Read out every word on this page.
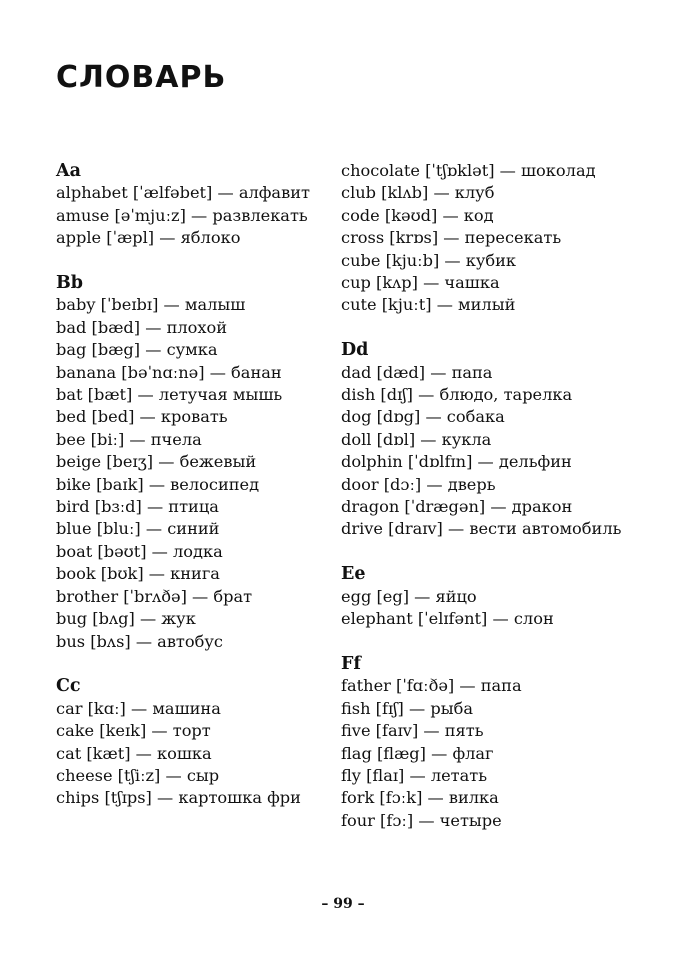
СЛОВАРЬ

Aa

alphabet [ˈælfəbet] — алфавит

amuse [əˈmjuːz] — развлекать

apple [ˈæpl] — яблоко

Bb

baby [ˈbeɪbɪ] — малыш

bad [bæd] — плохой

bag [bæg] — сумка

banana [bəˈnɑːnə] — банан

bat [bæt] — летучая мышь

bed [bed] — кровать

bee [biː] — пчела

beige [beɪʒ] — бежевый

bike [baɪk] — велосипед

bird [bɜːd] — птица

blue [bluː] — синий

boat [bəʊt] — лодка

book [bʊk] — книга

brother [ˈbrʌðə] — брат

bug [bʌg] — жук

bus [bʌs] — автобус

Cc

car [kɑː] — машина

cake [keɪk] — торт

cat [kæt] — кошка

cheese [tʃiːz] — сыр

chips [tʃɪps] — картошка фри

chocolate [ˈtʃɒklət] — шоколад

club [klʌb] — клуб

code [kəʊd] — код

cross [krɒs] — пересекать

cube [kjuːb] — кубик

cup [kʌp] — чашка

cute [kjuːt] — милый

Dd

dad [dæd] — папа

dish [dɪʃ] — блюдо, тарелка

dog [dɒg] — собака

doll [dɒl] — кукла

dolphin [ˈdɒlfɪn] — дельфин

door [dɔː] — дверь

dragon [ˈdrægən] — дракон

drive [draɪv] — вести автомобиль

Ee

egg [eg] — яйцо

elephant [ˈelɪfənt] — слон

Ff

father [ˈfɑːðə] — папа

fish [fɪʃ] — рыба

five [faɪv] — пять

flag [flæg] — флаг

fly [flaɪ] — летать

fork [fɔːk] — вилка

four [fɔː] — четыре

– 99 –
